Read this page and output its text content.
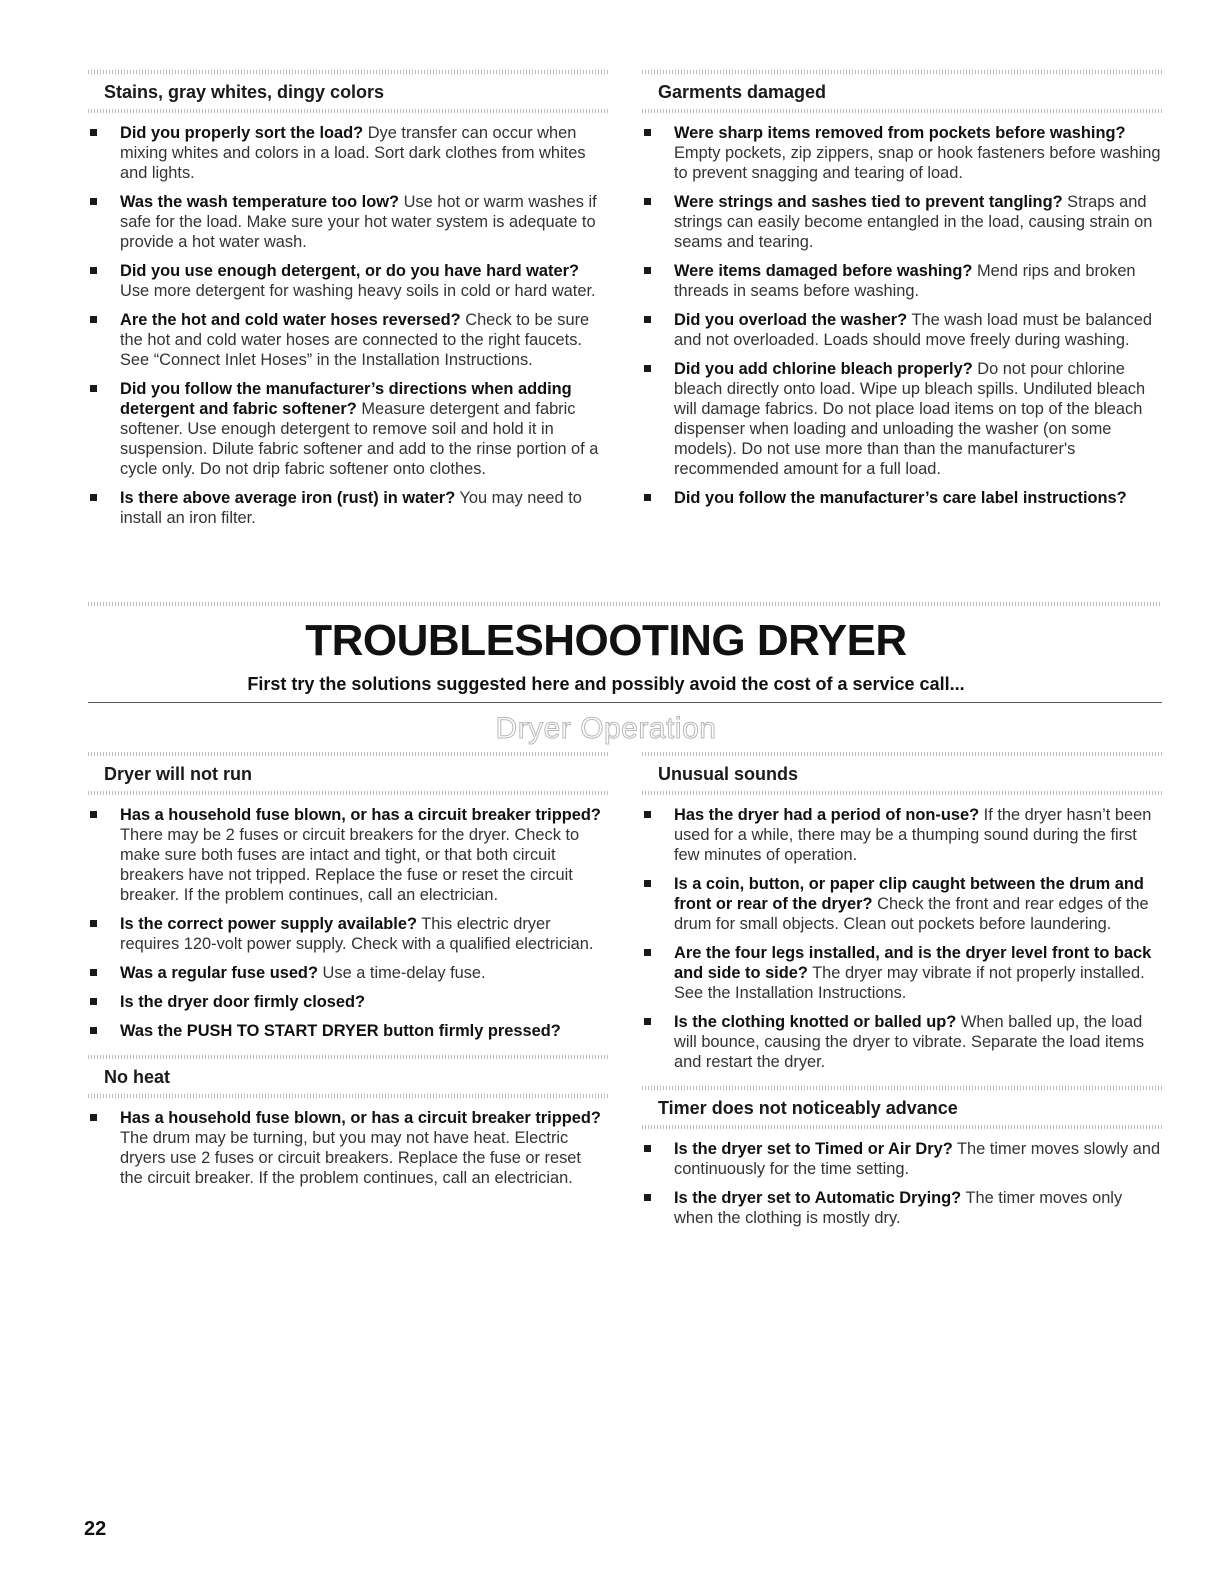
Stains, gray whites, dingy colors
Did you properly sort the load? Dye transfer can occur when mixing whites and colors in a load. Sort dark clothes from whites and lights.
Was the wash temperature too low? Use hot or warm washes if safe for the load. Make sure your hot water system is adequate to provide a hot water wash.
Did you use enough detergent, or do you have hard water? Use more detergent for washing heavy soils in cold or hard water.
Are the hot and cold water hoses reversed? Check to be sure the hot and cold water hoses are connected to the right faucets. See “Connect Inlet Hoses” in the Installation Instructions.
Did you follow the manufacturer’s directions when adding detergent and fabric softener? Measure detergent and fabric softener. Use enough detergent to remove soil and hold it in suspension. Dilute fabric softener and add to the rinse portion of a cycle only. Do not drip fabric softener onto clothes.
Is there above average iron (rust) in water? You may need to install an iron filter.
Garments damaged
Were sharp items removed from pockets before washing? Empty pockets, zip zippers, snap or hook fasteners before washing to prevent snagging and tearing of load.
Were strings and sashes tied to prevent tangling? Straps and strings can easily become entangled in the load, causing strain on seams and tearing.
Were items damaged before washing? Mend rips and broken threads in seams before washing.
Did you overload the washer? The wash load must be balanced and not overloaded. Loads should move freely during washing.
Did you add chlorine bleach properly? Do not pour chlorine bleach directly onto load. Wipe up bleach spills. Undiluted bleach will damage fabrics. Do not place load items on top of the bleach dispenser when loading and unloading the washer (on some models). Do not use more than than the manufacturer's recommended amount for a full load.
Did you follow the manufacturer’s care label instructions?
TROUBLESHOOTING DRYER
First try the solutions suggested here and possibly avoid the cost of a service call...
Dryer Operation
Dryer will not run
Has a household fuse blown, or has a circuit breaker tripped? There may be 2 fuses or circuit breakers for the dryer. Check to make sure both fuses are intact and tight, or that both circuit breakers have not tripped. Replace the fuse or reset the circuit breaker. If the problem continues, call an electrician.
Is the correct power supply available? This electric dryer requires 120-volt power supply. Check with a qualified electrician.
Was a regular fuse used? Use a time-delay fuse.
Is the dryer door firmly closed?
Was the PUSH TO START DRYER button firmly pressed?
No heat
Has a household fuse blown, or has a circuit breaker tripped? The drum may be turning, but you may not have heat. Electric dryers use 2 fuses or circuit breakers. Replace the fuse or reset the circuit breaker. If the problem continues, call an electrician.
Unusual sounds
Has the dryer had a period of non-use? If the dryer hasn’t been used for a while, there may be a thumping sound during the first few minutes of operation.
Is a coin, button, or paper clip caught between the drum and front or rear of the dryer? Check the front and rear edges of the drum for small objects. Clean out pockets before laundering.
Are the four legs installed, and is the dryer level front to back and side to side? The dryer may vibrate if not properly installed. See the Installation Instructions.
Is the clothing knotted or balled up? When balled up, the load will bounce, causing the dryer to vibrate. Separate the load items and restart the dryer.
Timer does not noticeably advance
Is the dryer set to Timed or Air Dry? The timer moves slowly and continuously for the time setting.
Is the dryer set to Automatic Drying? The timer moves only when the clothing is mostly dry.
22
